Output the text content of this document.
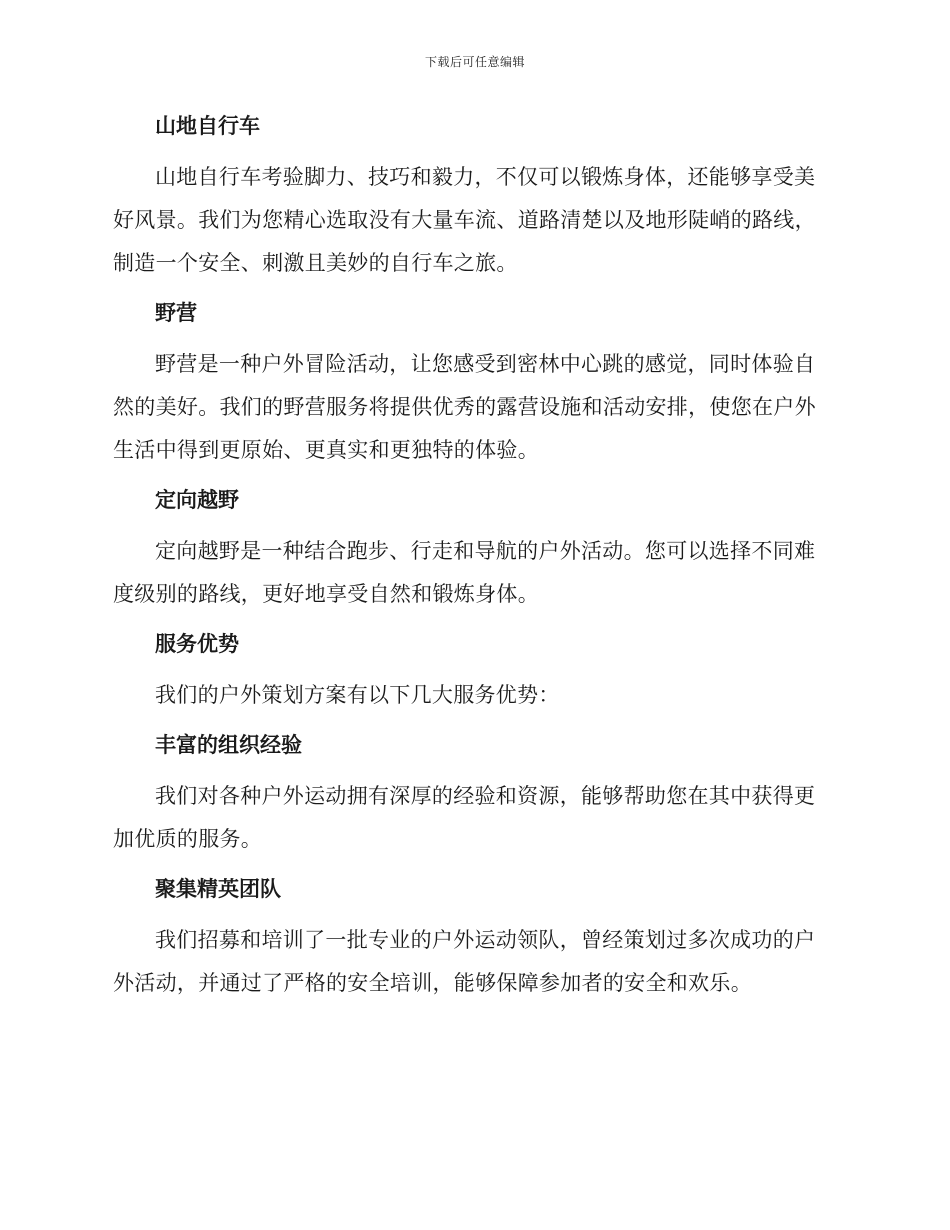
下载后可任意编辑
山地自行车

山地自行车考验脚力、技巧和毅力，不仅可以锻炼身体，还能够享受美好风景。我们为您精心选取没有大量车流、道路清楚以及地形陡峭的路线，制造一个安全、刺激且美妙的自行车之旅。

野营

野营是一种户外冒险活动，让您感受到密林中心跳的感觉，同时体验自然的美好。我们的野营服务将提供优秀的露营设施和活动安排，使您在户外生活中得到更原始、更真实和更独特的体验。

定向越野

定向越野是一种结合跑步、行走和导航的户外活动。您可以选择不同难度级别的路线，更好地享受自然和锻炼身体。

服务优势

我们的户外策划方案有以下几大服务优势：

丰富的组织经验

我们对各种户外运动拥有深厚的经验和资源，能够帮助您在其中获得更加优质的服务。

聚集精英团队

我们招募和培训了一批专业的户外运动领队，曾经策划过多次成功的户外活动，并通过了严格的安全培训，能够保障参加者的安全和欢乐。
